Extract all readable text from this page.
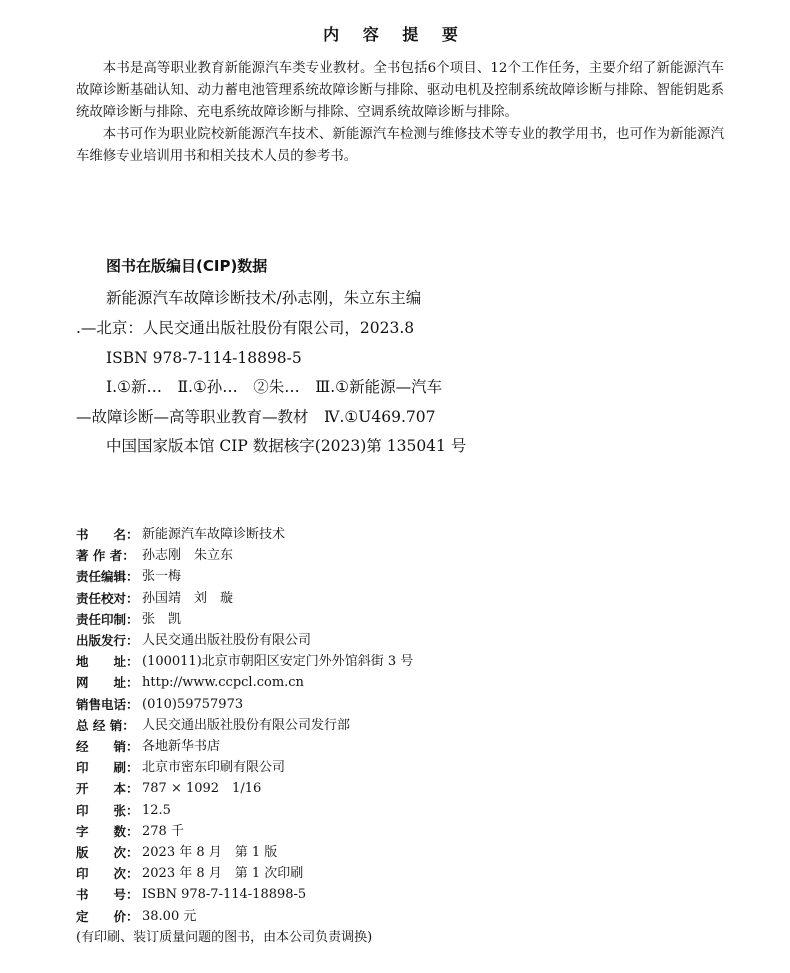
内 容 提 要

本书是高等职业教育新能源汽车类专业教材。全书包括6个项目、12个工作任务，主要介绍了新能源汽车故障诊断基础认知、动力蓄电池管理系统故障诊断与排除、驱动电机及控制系统故障诊断与排除、智能钥匙系统故障诊断与排除、充电系统故障诊断与排除、空调系统故障诊断与排除。

本书可作为职业院校新能源汽车技术、新能源汽车检测与维修技术等专业的教学用书，也可作为新能源汽车维修专业培训用书和相关技术人员的参考书。

图书在版编目(CIP)数据
新能源汽车故障诊断技术/孙志刚，朱立东主编
.—北京：人民交通出版社股份有限公司，2023.8
ISBN 978-7-114-18898-5
Ⅰ.①新…　Ⅱ.①孙…　②朱…　Ⅲ.①新能源—汽车
—故障诊断—高等职业教育—教材　Ⅳ.①U469.707
中国国家版本馆 CIP 数据核字(2023)第 135041 号
书　　名： 新能源汽车故障诊断技术
著 作 者： 孙志刚　朱立东
责任编辑： 张一梅
责任校对： 孙国靖　刘　璇
责任印制： 张　凯
出版发行： 人民交通出版社股份有限公司
地　　址： (100011)北京市朝阳区安定门外外馆斜街 3 号
网　　址： http://www.ccpcl.com.cn
销售电话： (010)59757973
总 经 销： 人民交通出版社股份有限公司发行部
经　　销： 各地新华书店
印　　刷： 北京市密东印刷有限公司
开　　本： 787 × 1092　1/16
印　　张： 12.5
字　　数： 278 千
版　　次： 2023 年 8 月　第 1 版
印　　次： 2023 年 8 月　第 1 次印刷
书　　号： ISBN 978-7-114-18898-5
定　　价： 38.00 元
(有印刷、装订质量问题的图书，由本公司负责调换)
